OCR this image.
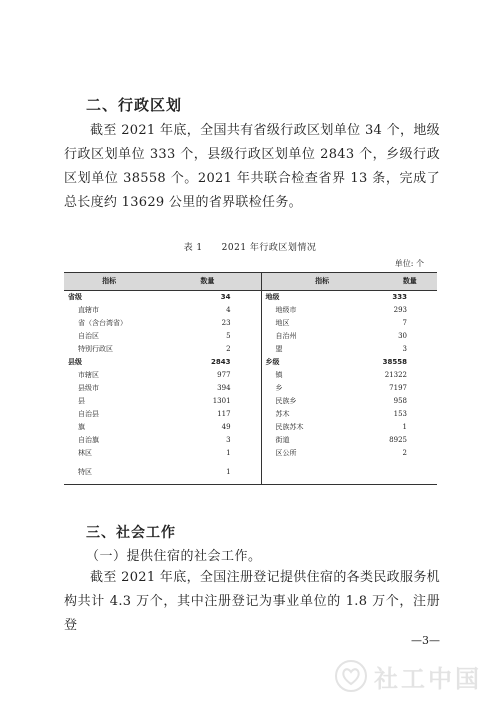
二、行政区划
截至 2021 年底，全国共有省级行政区划单位 34 个，地级行政区划单位 333 个，县级行政区划单位 2843 个，乡级行政区划单位 38558 个。2021 年共联合检查省界 13 条，完成了总长度约 13629 公里的省界联检任务。
表 1　　2021 年行政区划情况
单位: 个
指标	数量	指标	数量
省级	34	地级	333
直辖市	4	地级市	293
省（含台湾省）	23	地区	7
自治区	5	自治州	30
特别行政区	2	盟	3
县级	2843	乡级	38558
市辖区	977	镇	21322
县级市	394	乡	7197
县	1301	民族乡	958
自治县	117	苏木	153
旗	49	民族苏木	1
自治旗	3	街道	8925
林区	1	区公所	2
特区	1		
三、社会工作
（一）提供住宿的社会工作。
截至 2021 年底，全国注册登记提供住宿的各类民政服务机构共计 4.3 万个，其中注册登记为事业单位的 1.8 万个，注册登
—3—
社工中国
